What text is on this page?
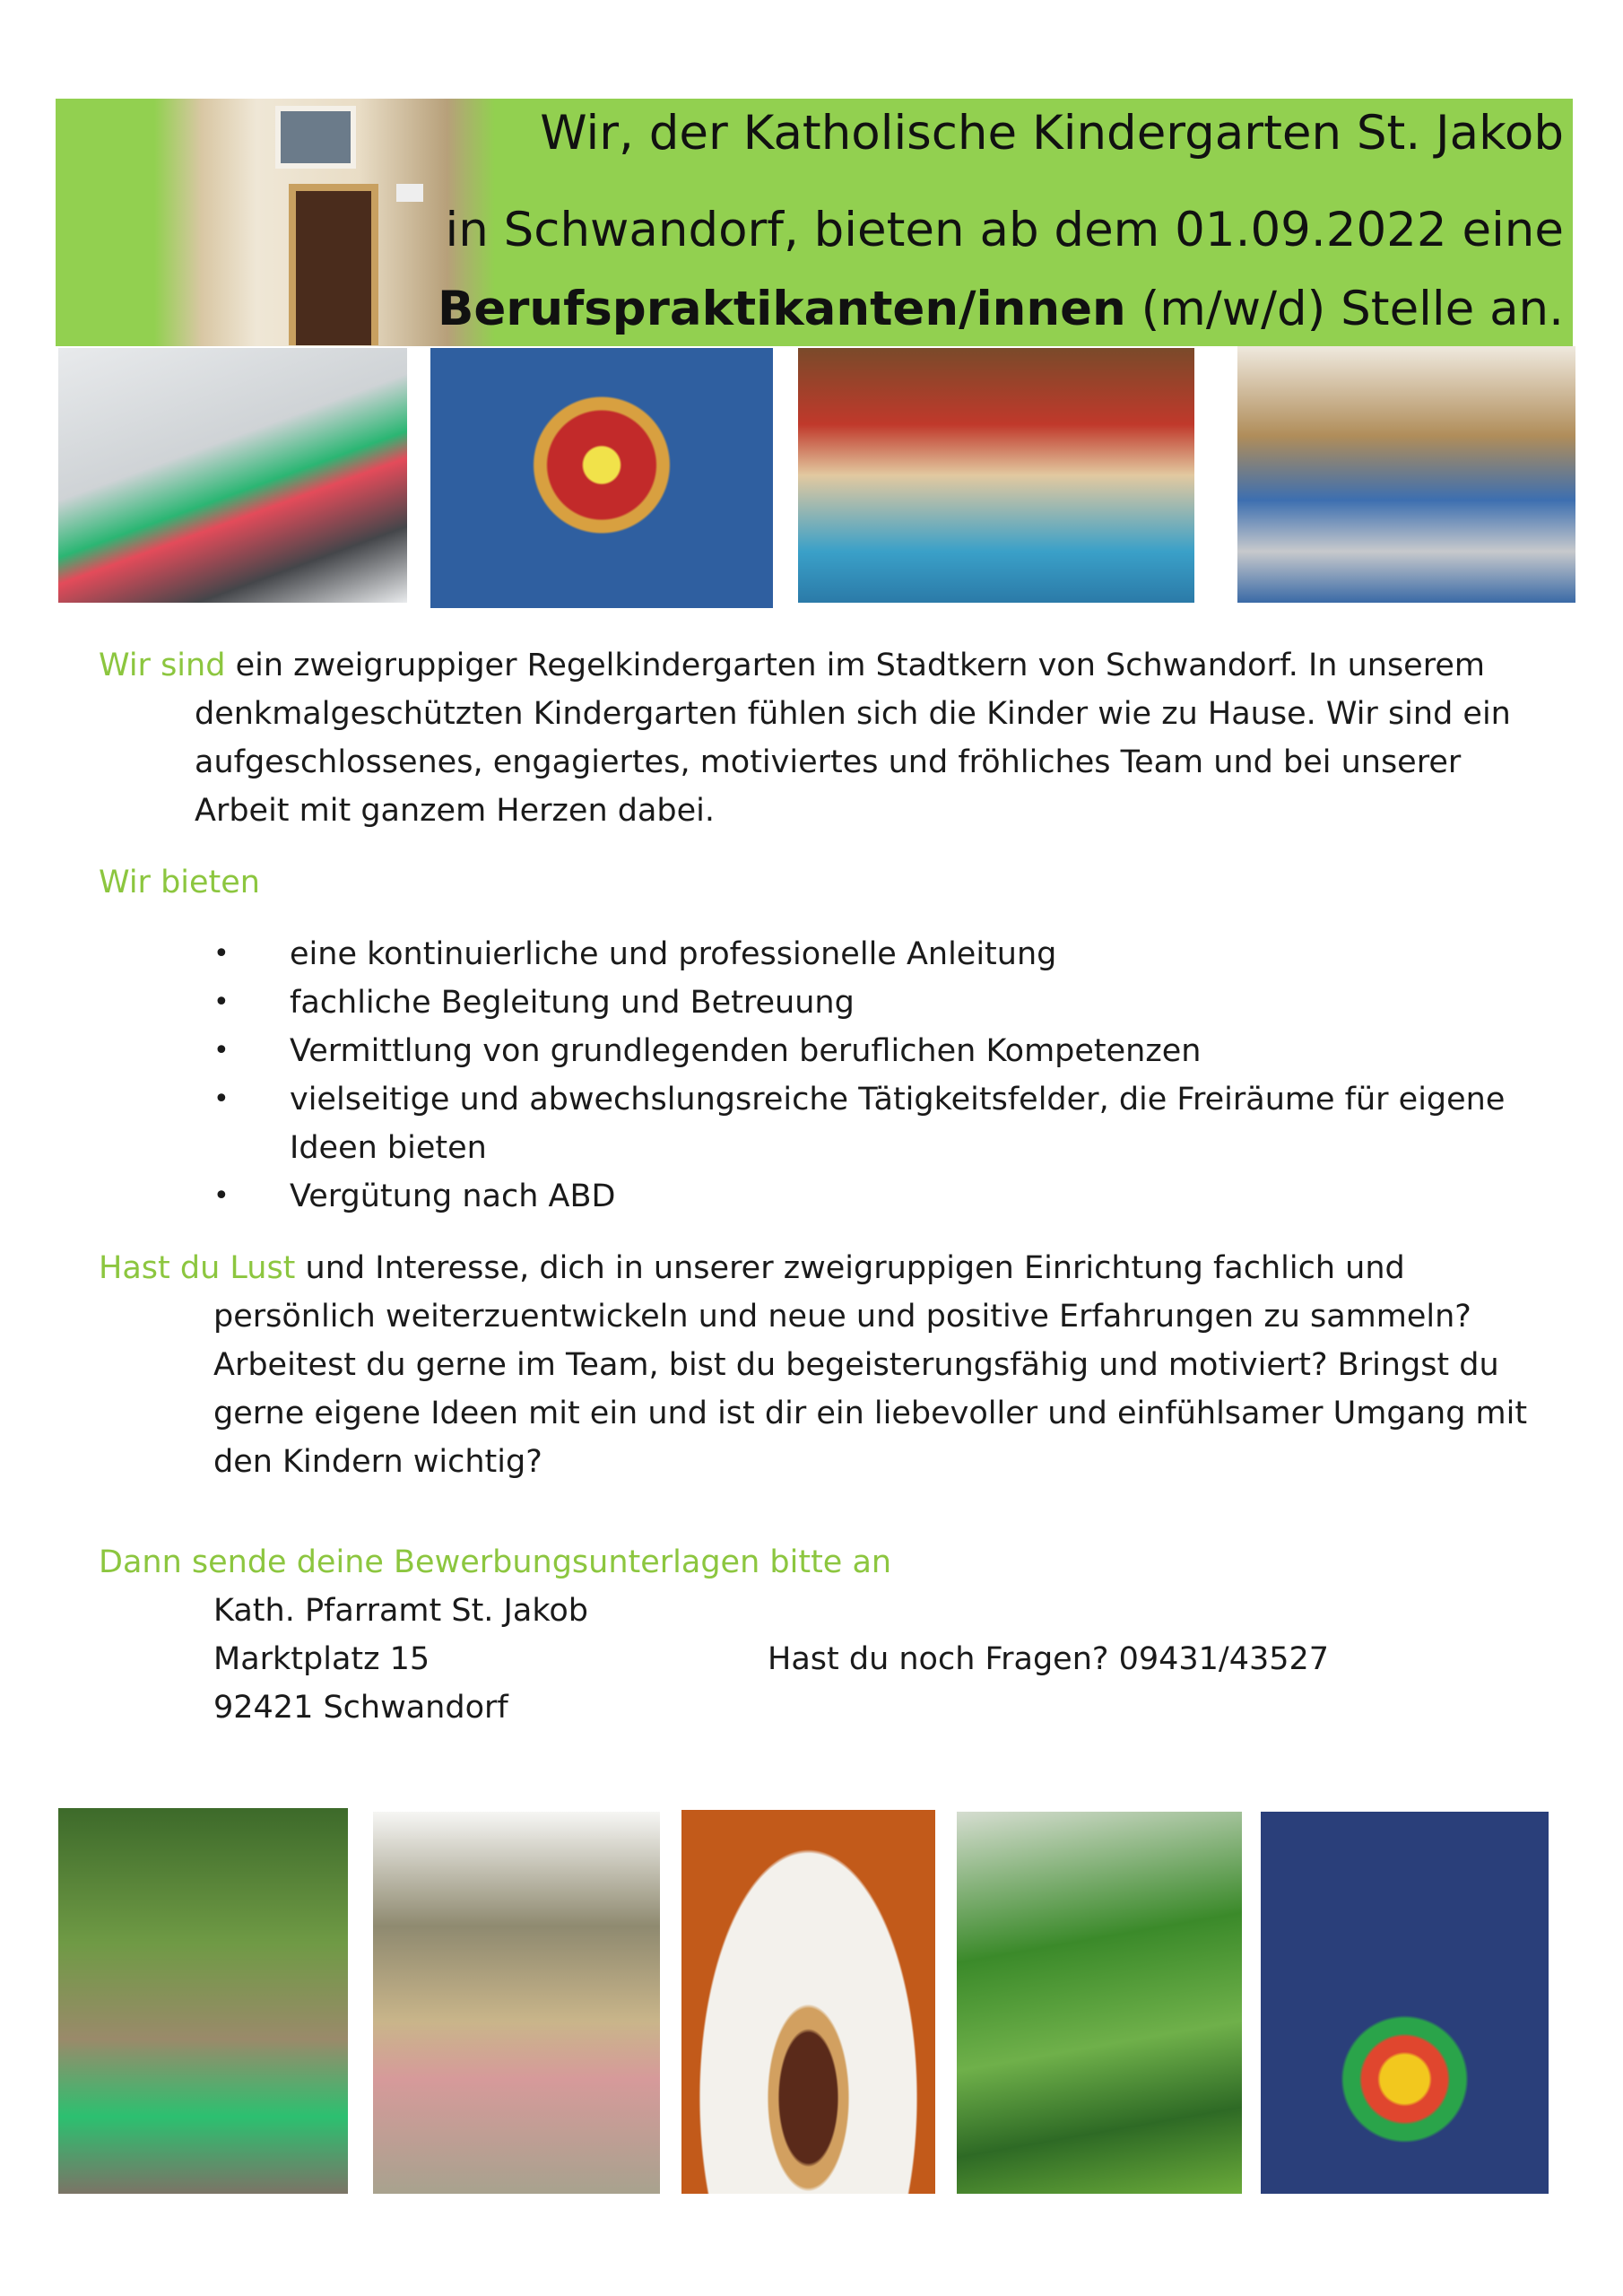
Wir, der Katholische Kindergarten St. Jakob
in Schwandorf, bieten ab dem 01.09.2022 eine
Berufspraktikanten/innen (m/w/d) Stelle an.
Wir sind ein zweigruppiger Regelkindergarten im Stadtkern von Schwandorf. In unserem
denkmalgeschützten Kindergarten fühlen sich die Kinder wie zu Hause. Wir sind ein
aufgeschlossenes, engagiertes, motiviertes und fröhliches Team und bei unserer
Arbeit mit ganzem Herzen dabei.
Wir bieten
• eine kontinuierliche und professionelle Anleitung
• fachliche Begleitung und Betreuung
• Vermittlung von grundlegenden beruflichen Kompetenzen
• vielseitige und abwechslungsreiche Tätigkeitsfelder, die Freiräume für eigene
Ideen bieten
• Vergütung nach ABD
Hast du Lust und Interesse, dich in unserer zweigruppigen Einrichtung fachlich und
persönlich weiterzuentwickeln und neue und positive Erfahrungen zu sammeln?
Arbeitest du gerne im Team, bist du begeisterungsfähig und motiviert? Bringst du
gerne eigene Ideen mit ein und ist dir ein liebevoller und einfühlsamer Umgang mit
den Kindern wichtig?
Dann sende deine Bewerbungsunterlagen bitte an
Kath. Pfarramt St. Jakob
Marktplatz 15
92421 Schwandorf
Hast du noch Fragen? 09431/43527
